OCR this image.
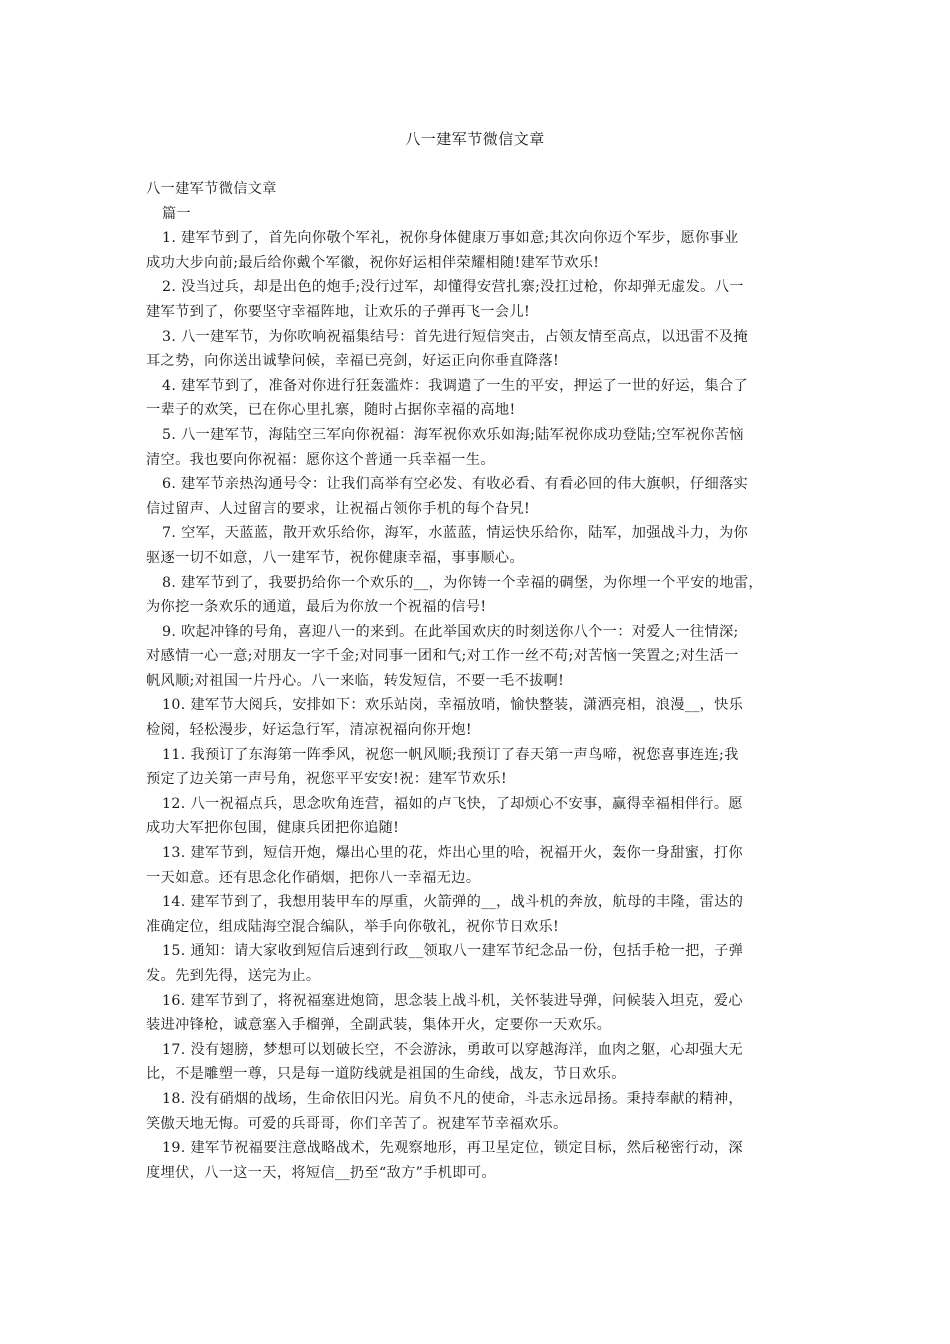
八一建军节微信文章
八一建军节微信文章
篇一
1. 建军节到了，首先向你敬个军礼，祝你身体健康万事如意;其次向你迈个军步，愿你事业
成功大步向前;最后给你戴个军徽，祝你好运相伴荣耀相随!建军节欢乐!
2. 没当过兵，却是出色的炮手;没行过军，却懂得安营扎寨;没扛过枪，你却弹无虚发。八一
建军节到了，你要坚守幸福阵地，让欢乐的子弹再飞一会儿!
3. 八一建军节，为你吹响祝福集结号：首先进行短信突击，占领友情至高点，以迅雷不及掩
耳之势，向你送出诚挚问候，幸福已亮剑，好运正向你垂直降落!
4. 建军节到了，准备对你进行狂轰滥炸：我调遣了一生的平安，押运了一世的好运，集合了
一辈子的欢笑，已在你心里扎寨，随时占据你幸福的高地!
5. 八一建军节，海陆空三军向你祝福：海军祝你欢乐如海;陆军祝你成功登陆;空军祝你苦恼
清空。我也要向你祝福：愿你这个普通一兵幸福一生。
6. 建军节亲热沟通号令：让我们高举有空必发、有收必看、有看必回的伟大旗帜，仔细落实
信过留声、人过留言的要求，让祝福占领你手机的每个旮旯!
7. 空军，天蓝蓝，散开欢乐给你，海军，水蓝蓝，情运快乐给你，陆军，加强战斗力，为你
驱逐一切不如意，八一建军节，祝你健康幸福，事事顺心。
8. 建军节到了，我要扔给你一个欢乐的__，为你铸一个幸福的碉堡，为你埋一个平安的地雷，
为你挖一条欢乐的通道，最后为你放一个祝福的信号!
9. 吹起冲锋的号角，喜迎八一的来到。在此举国欢庆的时刻送你八个一：对爱人一往情深;
对感情一心一意;对朋友一字千金;对同事一团和气;对工作一丝不苟;对苦恼一笑置之;对生活一
帆风顺;对祖国一片丹心。八一来临，转发短信，不要一毛不拔啊!
10. 建军节大阅兵，安排如下：欢乐站岗，幸福放哨，愉快整装，潇洒亮相，浪漫__，快乐
检阅，轻松漫步，好运急行军，清凉祝福向你开炮!
11. 我预订了东海第一阵季风，祝您一帆风顺;我预订了春天第一声鸟啼，祝您喜事连连;我
预定了边关第一声号角，祝您平平安安!祝：建军节欢乐!
12. 八一祝福点兵，思念吹角连营，福如的卢飞快，了却烦心不安事，赢得幸福相伴行。愿
成功大军把你包围，健康兵团把你追随!
13. 建军节到，短信开炮，爆出心里的花，炸出心里的哈，祝福开火，轰你一身甜蜜，打你
一天如意。还有思念化作硝烟，把你八一幸福无边。
14. 建军节到了，我想用装甲车的厚重，火箭弹的__，战斗机的奔放，航母的丰隆，雷达的
准确定位，组成陆海空混合编队，举手向你敬礼，祝你节日欢乐!
15. 通知：请大家收到短信后速到行政__领取八一建军节纪念品一份，包括手枪一把，子弹
发。先到先得，送完为止。
16. 建军节到了，将祝福塞进炮筒，思念装上战斗机，关怀装进导弹，问候装入坦克，爱心
装进冲锋枪，诚意塞入手榴弹，全副武装，集体开火，定要你一天欢乐。
17. 没有翅膀，梦想可以划破长空，不会游泳，勇敢可以穿越海洋，血肉之躯，心却强大无
比，不是雕塑一尊，只是每一道防线就是祖国的生命线，战友，节日欢乐。
18. 没有硝烟的战场，生命依旧闪光。肩负不凡的使命，斗志永远昂扬。秉持奉献的精神，
笑傲天地无悔。可爱的兵哥哥，你们辛苦了。祝建军节幸福欢乐。
19. 建军节祝福要注意战略战术，先观察地形，再卫星定位，锁定目标，然后秘密行动，深
度埋伏，八一这一天，将短信__扔至“敌方”手机即可。
